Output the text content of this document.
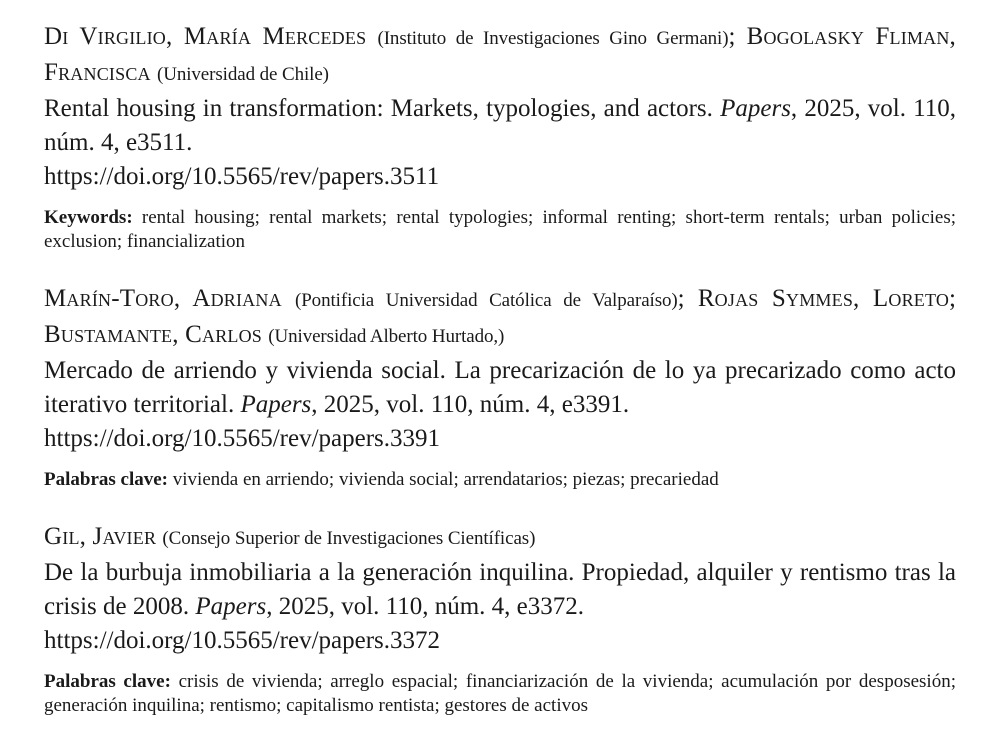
Di Virgilio, María Mercedes (Instituto de Investigaciones Gino Germani); Bogolasky Fliman, Francisca (Universidad de Chile)

Rental housing in transformation: Markets, typologies, and actors. Papers, 2025, vol. 110, núm. 4, e3511.
https://doi.org/10.5565/rev/papers.3511

Keywords: rental housing; rental markets; rental typologies; informal renting; short-term rentals; urban policies; exclusion; financialization

Marín-Toro, Adriana (Pontificia Universidad Católica de Valparaíso); Rojas Symmes, Loreto; Bustamante, Carlos (Universidad Alberto Hurtado,)

Mercado de arriendo y vivienda social. La precarización de lo ya precarizado como acto iterativo territorial. Papers, 2025, vol. 110, núm. 4, e3391.
https://doi.org/10.5565/rev/papers.3391

Palabras clave: vivienda en arriendo; vivienda social; arrendatarios; piezas; precariedad

Gil, Javier (Consejo Superior de Investigaciones Científicas)

De la burbuja inmobiliaria a la generación inquilina. Propiedad, alquiler y rentismo tras la crisis de 2008. Papers, 2025, vol. 110, núm. 4, e3372.
https://doi.org/10.5565/rev/papers.3372

Palabras clave: crisis de vivienda; arreglo espacial; financiarización de la vivienda; acumulación por desposesión; generación inquilina; rentismo; capitalismo rentista; gestores de activos
